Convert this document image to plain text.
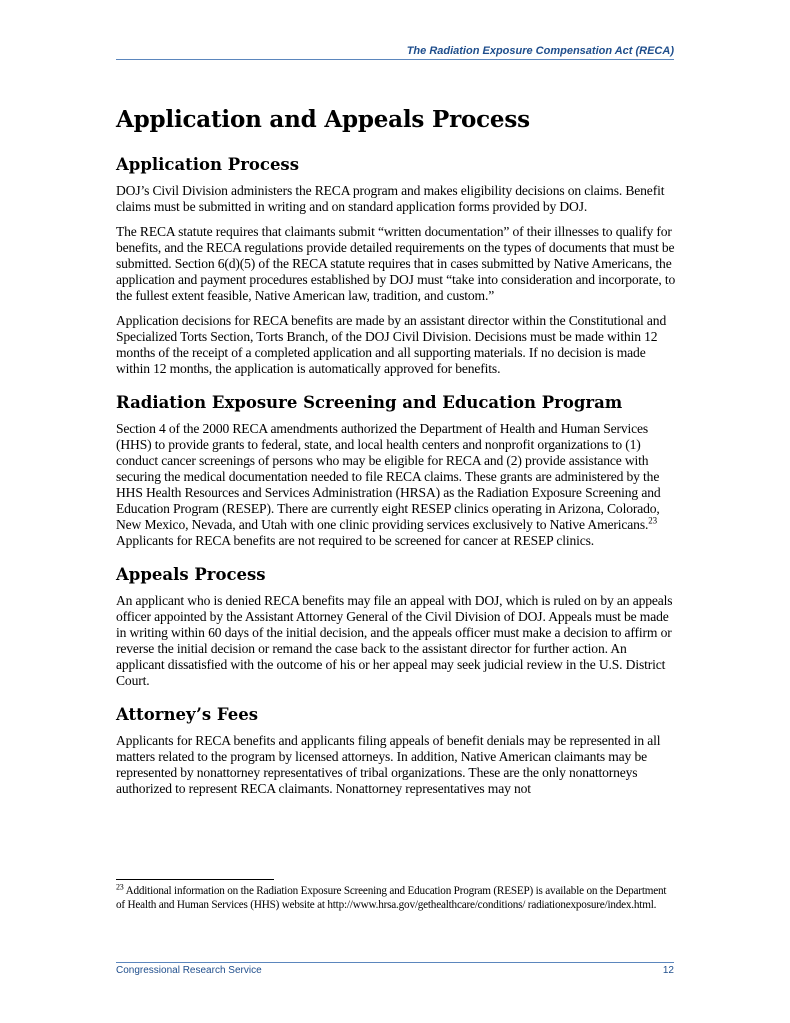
The Radiation Exposure Compensation Act (RECA)
Application and Appeals Process
Application Process

DOJ’s Civil Division administers the RECA program and makes eligibility decisions on claims. Benefit claims must be submitted in writing and on standard application forms provided by DOJ.

The RECA statute requires that claimants submit “written documentation” of their illnesses to qualify for benefits, and the RECA regulations provide detailed requirements on the types of documents that must be submitted. Section 6(d)(5) of the RECA statute requires that in cases submitted by Native Americans, the application and payment procedures established by DOJ must “take into consideration and incorporate, to the fullest extent feasible, Native American law, tradition, and custom.”

Application decisions for RECA benefits are made by an assistant director within the Constitutional and Specialized Torts Section, Torts Branch, of the DOJ Civil Division. Decisions must be made within 12 months of the receipt of a completed application and all supporting materials. If no decision is made within 12 months, the application is automatically approved for benefits.

Radiation Exposure Screening and Education Program

Section 4 of the 2000 RECA amendments authorized the Department of Health and Human Services (HHS) to provide grants to federal, state, and local health centers and nonprofit organizations to (1) conduct cancer screenings of persons who may be eligible for RECA and (2) provide assistance with securing the medical documentation needed to file RECA claims. These grants are administered by the HHS Health Resources and Services Administration (HRSA) as the Radiation Exposure Screening and Education Program (RESEP). There are currently eight RESEP clinics operating in Arizona, Colorado, New Mexico, Nevada, and Utah with one clinic providing services exclusively to Native Americans.$^{23}$ Applicants for RECA benefits are not required to be screened for cancer at RESEP clinics.

Appeals Process

An applicant who is denied RECA benefits may file an appeal with DOJ, which is ruled on by an appeals officer appointed by the Assistant Attorney General of the Civil Division of DOJ. Appeals must be made in writing within 60 days of the initial decision, and the appeals officer must make a decision to affirm or reverse the initial decision or remand the case back to the assistant director for further action. An applicant dissatisfied with the outcome of his or her appeal may seek judicial review in the U.S. District Court.

Attorney’s Fees

Applicants for RECA benefits and applicants filing appeals of benefit denials may be represented in all matters related to the program by licensed attorneys. In addition, Native American claimants may be represented by nonattorney representatives of tribal organizations. These are the only nonattorneys authorized to represent RECA claimants. Nonattorney representatives may not

$^{23}$ Additional information on the Radiation Exposure Screening and Education Program (RESEP) is available on the Department of Health and Human Services (HHS) website at http://www.hrsa.gov/gethealthcare/conditions/ radiationexposure/index.html.
Congressional Research Service	12
